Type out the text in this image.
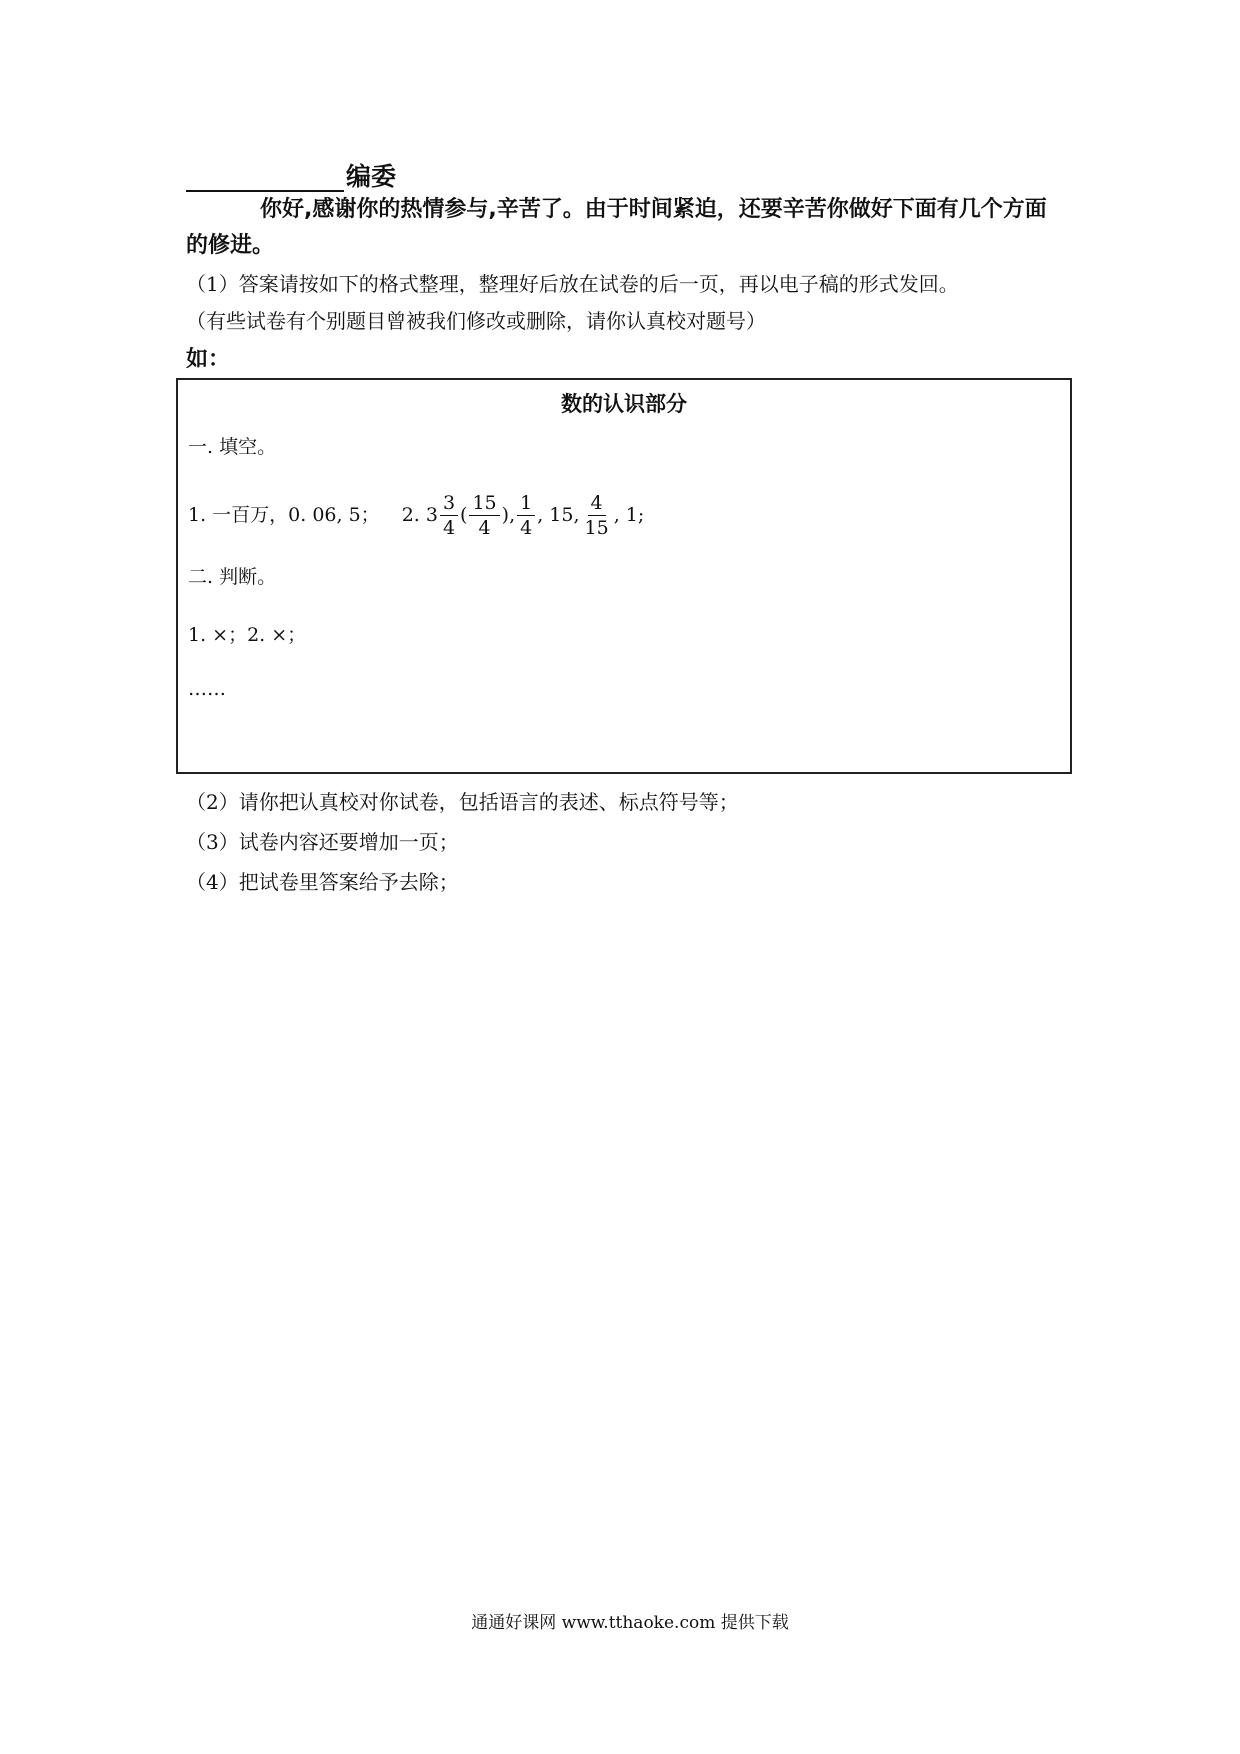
编委
你好,感谢你的热情参与,辛苦了。由于时间紧迫，还要辛苦你做好下面有几个方面的修进。
（1）答案请按如下的格式整理，整理好后放在试卷的后一页，再以电子稿的形式发回。
（有些试卷有个别题目曾被我们修改或删除，请你认真校对题号）
如：
数的认识部分
一. 填空。
1. 一百万，0. 06, 5； 2. $3 \frac{3}{4}$ ( $\frac{15}{4}$ ), $\frac{1}{4}$ , 15, $\frac{4}{15}$ , 1;
二. 判断。
1. ×；2. ×；
……
（2）请你把认真校对你试卷，包括语言的表述、标点符号等；
（3）试卷内容还要增加一页；
（4）把试卷里答案给予去除；
通通好课网 www.tthaoke.com 提供下载
